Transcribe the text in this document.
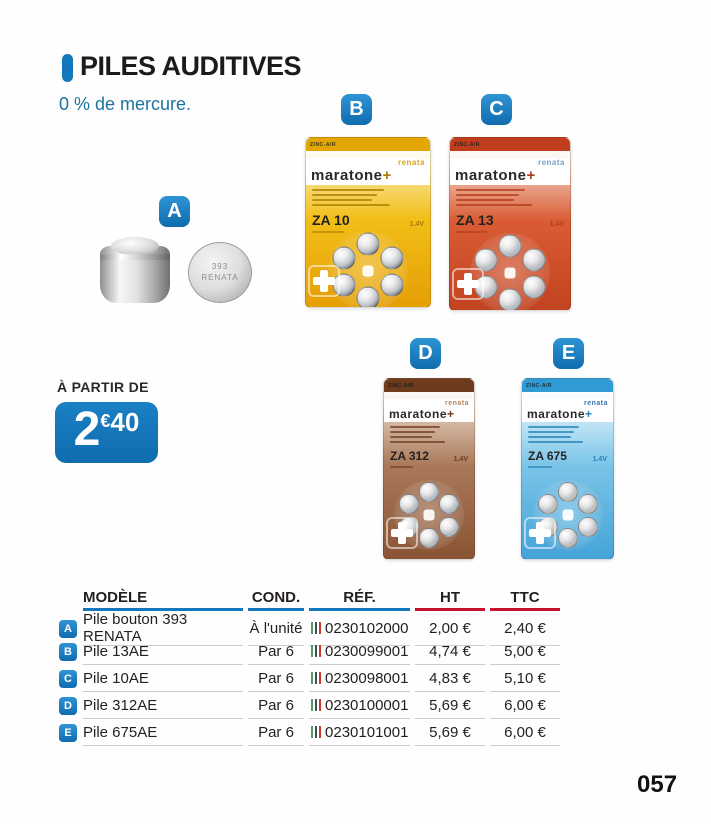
PILES AUDITIVES
0 % de mercure.
A
393
RENATA
B
ZINC-AIR
renata
maratone+
ZA 10	1.4V
C
ZINC-AIR
renata
maratone+
ZA 13	1.4V
D
ZINC-AIR
renata
maratone+
ZA 312	1.4V
E
ZINC-AIR
renata
maratone+
ZA 675	1.4V
À PARTIR DE
2 € 40
MODÈLE	COND.	RÉF.	HT	TTC
A
Pile bouton 393 RENATA	À l'unité 0230102000	2,00 €	2,40 €
B Pile 13AE	Par 6	0230099001	4,74 €	5,00 €
C Pile 10AE	Par 6	0230098001	4,83 €	5,10 €
D Pile 312AE	Par 6	0230100001	5,69 €	6,00 €
E Pile 675AE	Par 6	0230101001	5,69 €	6,00 €
057
